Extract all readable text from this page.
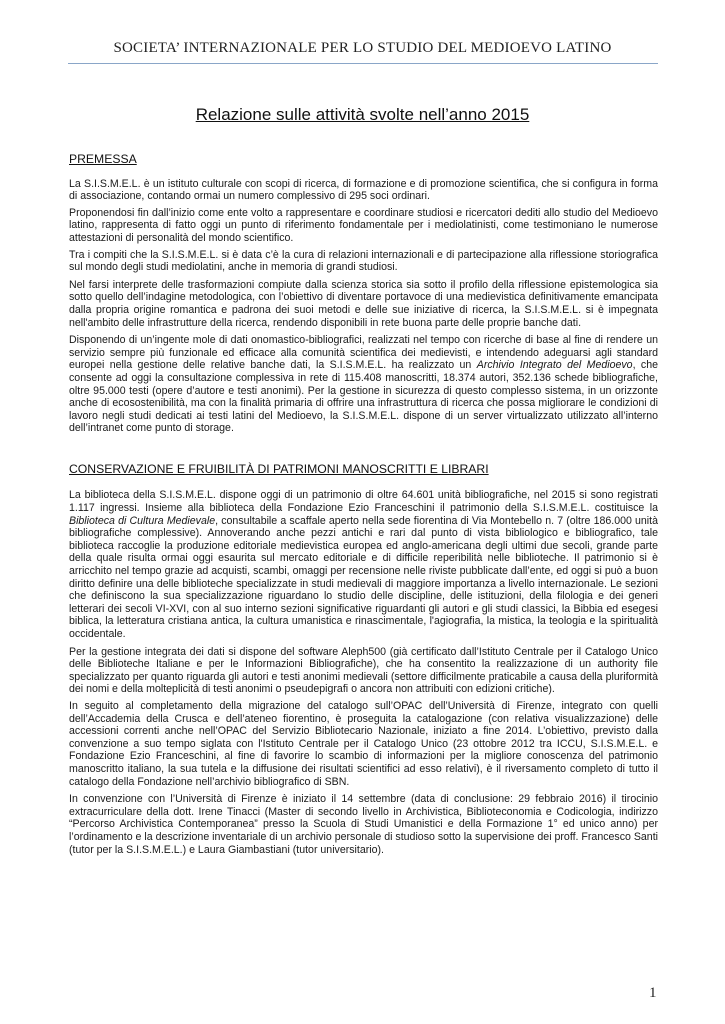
SOCIETA’ INTERNAZIONALE PER LO STUDIO DEL MEDIOEVO LATINO
Relazione sulle attività svolte nell’anno 2015
PREMESSA

La S.I.S.M.E.L. è un istituto culturale con scopi di ricerca, di formazione e di promozione scientifica, che si configura in forma di associazione, contando ormai un numero complessivo di 295 soci ordinari.

Proponendosi fin dall’inizio come ente volto a rappresentare e coordinare studiosi e ricercatori dediti allo studio del Medioevo latino, rappresenta di fatto oggi un punto di riferimento fondamentale per i mediolatinisti, come testimoniano le numerose attestazioni di personalità del mondo scientifico.

Tra i compiti che la S.I.S.M.E.L. si è data c’è la cura di relazioni internazionali e di partecipazione alla riflessione storiografica sul mondo degli studi mediolatini, anche in memoria di grandi studiosi.

Nel farsi interprete delle trasformazioni compiute dalla scienza storica sia sotto il profilo della riflessione epistemologica sia sotto quello dell’indagine metodologica, con l’obiettivo di diventare portavoce di una medievistica definitivamente emancipata dalla propria origine romantica e padrona dei suoi metodi e delle sue iniziative di ricerca, la S.I.S.M.E.L. si è impegnata nell'ambito delle infrastrutture della ricerca, rendendo disponibili in rete buona parte delle proprie banche dati.

Disponendo di un’ingente mole di dati onomastico-bibliografici, realizzati nel tempo con ricerche di base al fine di rendere un servizio sempre più funzionale ed efficace alla comunità scientifica dei medievisti, e intendendo adeguarsi agli standard europei nella gestione delle relative banche dati, la S.I.S.M.E.L. ha realizzato un Archivio Integrato del Medioevo, che consente ad oggi la consultazione complessiva in rete di 115.408 manoscritti, 18.374 autori, 352.136 schede bibliografiche, oltre 95.000 testi (opere d’autore e testi anonimi). Per la gestione in sicurezza di questo complesso sistema, in un orizzonte anche di ecosostenibilità, ma con la finalità primaria di offrire una infrastruttura di ricerca che possa migliorare le condizioni di lavoro negli studi dedicati ai testi latini del Medioevo, la S.I.S.M.E.L. dispone di un server virtualizzato utilizzato all’interno dell’intranet come punto di storage.

CONSERVAZIONE E FRUIBILITÀ DI PATRIMONI MANOSCRITTI E LIBRARI

La biblioteca della S.I.S.M.E.L. dispone oggi di un patrimonio di oltre 64.601 unità bibliografiche, nel 2015 si sono registrati 1.117 ingressi. Insieme alla biblioteca della Fondazione Ezio Franceschini il patrimonio della S.I.S.M.E.L. costituisce la Biblioteca di Cultura Medievale, consultabile a scaffale aperto nella sede fiorentina di Via Montebello n. 7 (oltre 186.000 unità bibliografiche complessive). Annoverando anche pezzi antichi e rari dal punto di vista bibliologico e bibliografico, tale biblioteca raccoglie la produzione editoriale medievistica europea ed anglo-americana degli ultimi due secoli, grande parte della quale risulta ormai oggi esaurita sul mercato editoriale e di difficile reperibilità nelle biblioteche. Il patrimonio si è arricchito nel tempo grazie ad acquisti, scambi, omaggi per recensione nelle riviste pubblicate dall’ente, ed oggi si può a buon diritto definire una delle biblioteche specializzate in studi medievali di maggiore importanza a livello internazionale. Le sezioni che definiscono la sua specializzazione riguardano lo studio delle discipline, delle istituzioni, della filologia e dei generi letterari dei secoli VI-XVI, con al suo interno sezioni significative riguardanti gli autori e gli studi classici, la Bibbia ed esegesi biblica, la letteratura cristiana antica, la cultura umanistica e rinascimentale, l'agiografia, la mistica, la teologia e la spiritualità occidentale.

Per la gestione integrata dei dati si dispone del software Aleph500 (già certificato dall’Istituto Centrale per il Catalogo Unico delle Biblioteche Italiane e per le Informazioni Bibliografiche), che ha consentito la realizzazione di un authority file specializzato per quanto riguarda gli autori e testi anonimi medievali (settore difficilmente praticabile a causa della pluriformità dei nomi e della molteplicità di testi anonimi o pseudepigrafi o ancora non attribuiti con edizioni critiche).

In seguito al completamento della migrazione del catalogo sull’OPAC dell’Università di Firenze, integrato con quelli dell’Accademia della Crusca e dell’ateneo fiorentino, è proseguita la catalogazione (con relativa visualizzazione) delle accessioni correnti anche nell’OPAC del Servizio Bibliotecario Nazionale, iniziato a fine 2014. L’obiettivo, previsto dalla convenzione a suo tempo siglata con l'Istituto Centrale per il Catalogo Unico (23 ottobre 2012 tra ICCU, S.I.S.M.E.L. e Fondazione Ezio Franceschini, al fine di favorire lo scambio di informazioni per la migliore conoscenza del patrimonio manoscritto italiano, la sua tutela e la diffusione dei risultati scientifici ad esso relativi), è il riversamento completo di tutto il catalogo della Fondazione nell’archivio bibliografico di SBN.

In convenzione con l’Università di Firenze è iniziato il 14 settembre (data di conclusione: 29 febbraio 2016) il tirocinio extracurriculare della dott. Irene Tinacci (Master di secondo livello in Archivistica, Biblioteconomia e Codicologia, indirizzo “Percorso Archivistica Contemporanea” presso la Scuola di Studi Umanistici e della Formazione 1° ed unico anno) per l’ordinamento e la descrizione inventariale di un archivio personale di studioso sotto la supervisione dei proff. Francesco Santi (tutor per la S.I.S.M.E.L.) e Laura Giambastiani (tutor universitario).

1
